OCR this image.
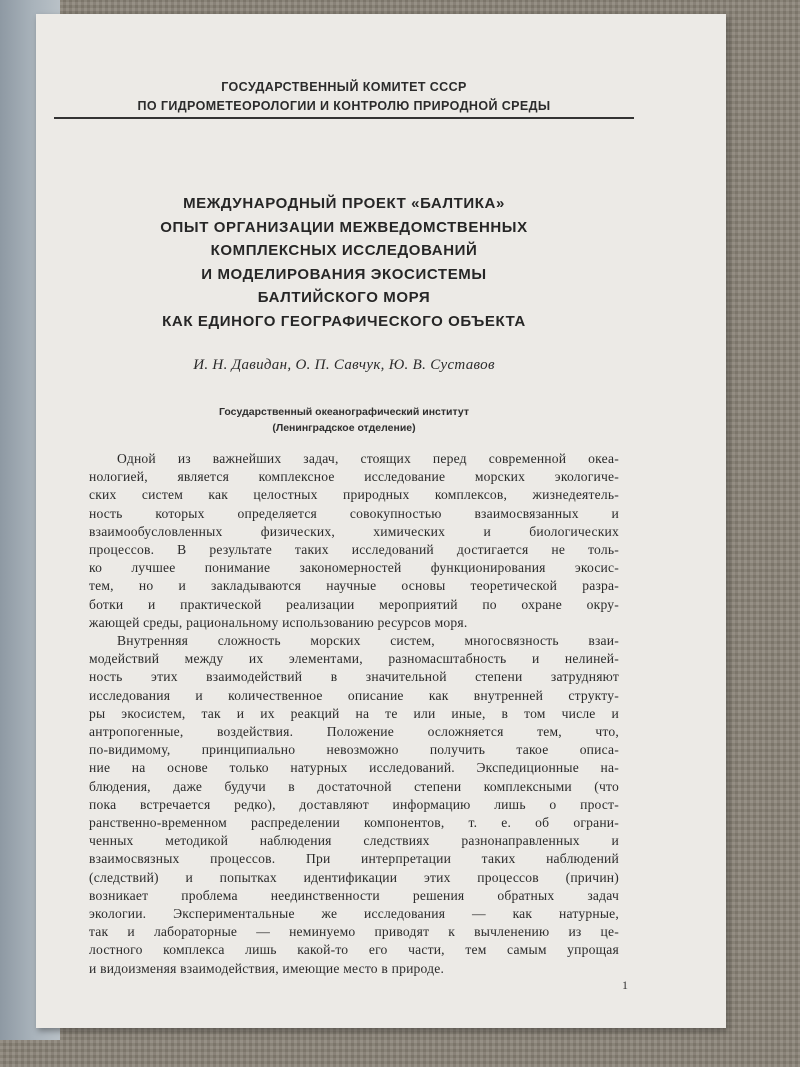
ГОСУДАРСТВЕННЫЙ КОМИТЕТ СССР
ПО ГИДРОМЕТЕОРОЛОГИИ И КОНТРОЛЮ ПРИРОДНОЙ СРЕДЫ
МЕЖДУНАРОДНЫЙ ПРОЕКТ «БАЛТИКА»
ОПЫТ ОРГАНИЗАЦИИ МЕЖВЕДОМСТВЕННЫХ
КОМПЛЕКСНЫХ ИССЛЕДОВАНИЙ
И МОДЕЛИРОВАНИЯ ЭКОСИСТЕМЫ
БАЛТИЙСКОГО МОРЯ
КАК ЕДИНОГО ГЕОГРАФИЧЕСКОГО ОБЪЕКТА
И. Н. Давидан, О. П. Савчук, Ю. В. Суставов
Государственный океанографический институт
(Ленинградское отделение)
Одной из важнейших задач, стоящих перед современной океа-
нологией, является комплексное исследование морских экологиче-
ских систем как целостных природных комплексов, жизнедеятель-
ность которых определяется совокупностью взаимосвязанных и
взаимообусловленных физических, химических и биологических
процессов. В результате таких исследований достигается не толь-
ко лучшее понимание закономерностей функционирования экосис-
тем, но и закладываются научные основы теоретической разра-
ботки и практической реализации мероприятий по охране окру-
жающей среды, рациональному использованию ресурсов моря.
Внутренняя сложность морских систем, многосвязность взаи-
модействий между их элементами, разномасштабность и нелиней-
ность этих взаимодействий в значительной степени затрудняют
исследования и количественное описание как внутренней структу-
ры экосистем, так и их реакций на те или иные, в том числе и
антропогенные, воздействия. Положение осложняется тем, что,
по-видимому, принципиально невозможно получить такое описа-
ние на основе только натурных исследований. Экспедиционные на-
блюдения, даже будучи в достаточной степени комплексными (что
пока встречается редко), доставляют информацию лишь о прост-
ранственно-временном распределении компонентов, т. е. об ограни-
ченных методикой наблюдения следствиях разнонаправленных и
взаимосвязных процессов. При интерпретации таких наблюдений
(следствий) и попытках идентификации этих процессов (причин)
возникает проблема неединственности решения обратных задач
экологии. Экспериментальные же исследования — как натурные,
так и лабораторные — неминуемо приводят к вычленению из це-
лостного комплекса лишь какой-то его части, тем самым упрощая
и видоизменяя взаимодействия, имеющие место в природе.
1
